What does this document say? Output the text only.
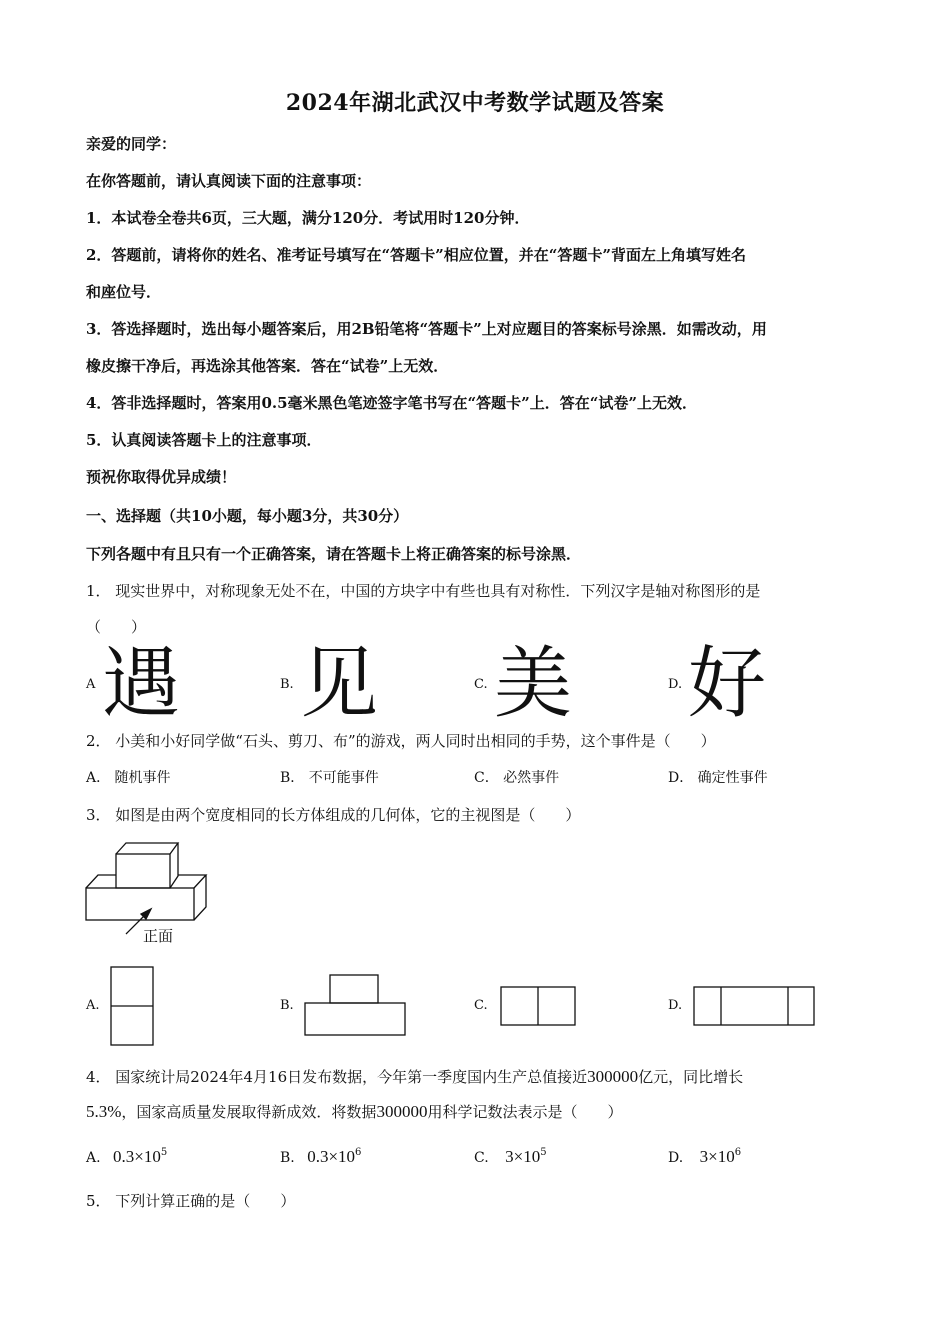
2024年湖北武汉中考数学试题及答案
亲爱的同学：
在你答题前，请认真阅读下面的注意事项：
1．本试卷全卷共6页，三大题，满分120分．考试用时120分钟．
2．答题前，请将你的姓名、准考证号填写在“答题卡”相应位置，并在“答题卡”背面左上角填写姓名
和座位号．
3．答选择题时，选出每小题答案后，用2B铅笔将“答题卡”上对应题目的答案标号涂黑．如需改动，用
橡皮擦干净后，再选涂其他答案．答在“试卷”上无效．
4．答非选择题时，答案用0.5毫米黑色笔迹签字笔书写在“答题卡”上．答在“试卷”上无效．
5．认真阅读答题卡上的注意事项．
预祝你取得优异成绩！
一、选择题（共10小题，每小题3分，共30分）
下列各题中有且只有一个正确答案，请在答题卡上将正确答案的标号涂黑．
1． 现实世界中，对称现象无处不在，中国的方块字中有些也具有对称性．下列汉字是轴对称图形的是
（　　）
A 遇	B. 见	C. 美	D. 好
2． 小美和小好同学做“石头、剪刀、布”的游戏，两人同时出相同的手势，这个事件是（　　）
A． 随机事件	B． 不可能事件	C． 必然事件	D． 确定性事件
3． 如图是由两个宽度相同的长方体组成的几何体，它的主视图是（　　）
正面
A.	B.	C.	D.
4． 国家统计局2024年4月16日发布数据，今年第一季度国内生产总值接近300000亿元，同比增长
5.3%，国家高质量发展取得新成效．将数据300000用科学记数法表示是（　　）
A. $0.3\times 10^5$	B. $0.3\times 10^6$	C. $3\times 10^5$	D. $3\times 10^6$
5． 下列计算正确的是（　　）
